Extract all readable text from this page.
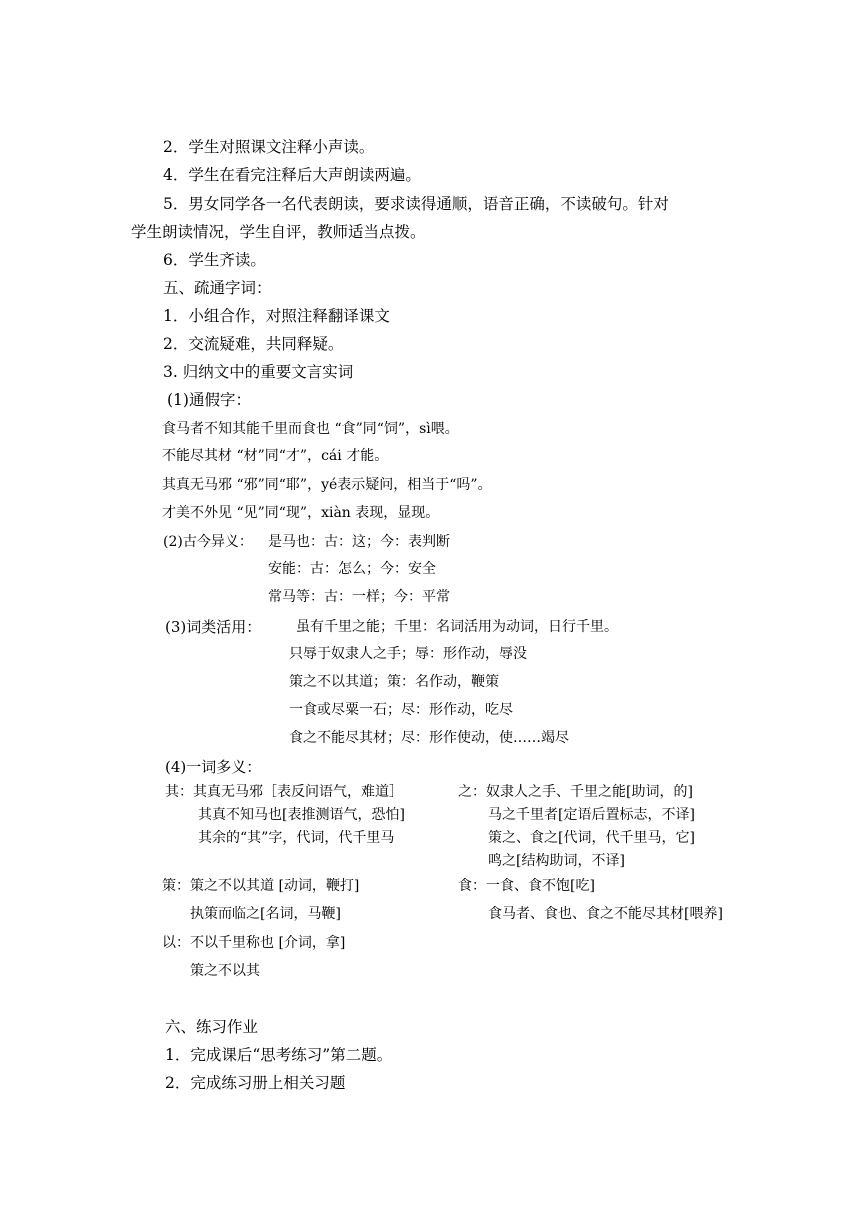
2．学生对照课文注释小声读。
4．学生在看完注释后大声朗读两遍。
5．男女同学各一名代表朗读，要求读得通顺，语音正确，不读破句。针对
学生朗读情况，学生自评，教师适当点拨。
6．学生齐读。
五、疏通字词：
1．小组合作，对照注释翻译课文
2．交流疑难，共同释疑。
3. 归纳文中的重要文言实词
(1)通假字：
食马者不知其能千里而食也 “食”同“饲”，sì喂。
不能尽其材 “材”同“才”，cái 才能。
其真无马邪 “邪”同“耶”，yé表示疑问，相当于“吗”。
才美不外见 “见”同“现”，xiàn 表现，显现。
(2)古今异义： 是马也：古：这；今：表判断
安能：古：怎么；今：安全
常马等：古：一样；今：平常
(3)词类活用： 虽有千里之能；千里：名词活用为动词，日行千里。
只辱于奴隶人之手；辱：形作动，辱没
策之不以其道；策：名作动，鞭策
一食或尽粟一石；尽：形作动，吃尽
食之不能尽其材；尽：形作使动，使……竭尽
(4)一词多义：
其：其真无马邪［表反问语气，难道］
其真不知马也[表推测语气，恐怕]
其余的“其”字，代词，代千里马
之：奴隶人之手、千里之能[助词，的]
马之千里者[定语后置标志，不译]
策之、食之[代词，代千里马，它]
鸣之[结构助词，不译]
策：策之不以其道 [动词，鞭打]
执策而临之[名词，马鞭]
食：一食、食不饱[吃]
食马者、食也、食之不能尽其材[喂养]
以：不以千里称也 [介词，拿]
策之不以其
六、练习作业
1．完成课后“思考练习”第二题。
2．完成练习册上相关习题
